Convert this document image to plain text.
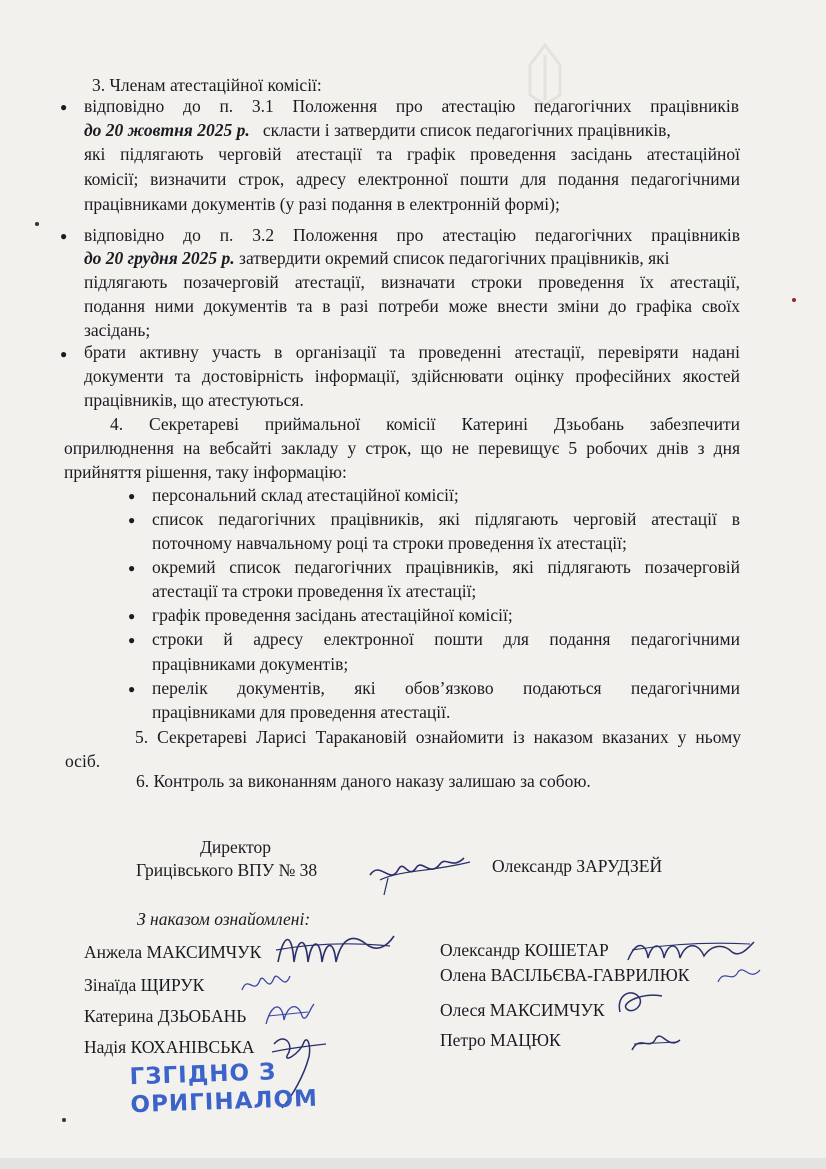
3. Членам атестаційної комісії:
● відповідно до п. 3.1 Положення про атестацію педагогічних працівників
до 20 жовтня 2025 р. скласти і затвердити список педагогічних працівників,
які підлягають черговій атестації та графік проведення засідань атестаційної
комісії; визначити строк, адресу електронної пошти для подання педагогічними
працівниками документів (у разі подання в електронній формі);
● відповідно до п. 3.2 Положення про атестацію педагогічних працівників
до 20 грудня 2025 р. затвердити окремий список педагогічних працівників, які
підлягають позачерговій атестації, визначати строки проведення їх атестації,
подання ними документів та в разі потреби може внести зміни до графіка своїх
засідань;
● брати активну участь в організації та проведенні атестації, перевіряти надані
документи та достовірність інформації, здійснювати оцінку професійних якостей
працівників, що атестуються.
4. Секретареві приймальної комісії Катерині Дзьобань забезпечити
оприлюднення на вебсайті закладу у строк, що не перевищує 5 робочих днів з дня
прийняття рішення, таку інформацію:
● персональний склад атестаційної комісії;
● список педагогічних працівників, які підлягають черговій атестації в
поточному навчальному році та строки проведення їх атестації;
● окремий список педагогічних працівників, які підлягають позачерговій
атестації та строки проведення їх атестації;
● графік проведення засідань атестаційної комісії;
● строки й адресу електронної пошти для подання педагогічними
працівниками документів;
● перелік документів, які обов’язково подаються педагогічними
працівниками для проведення атестації.
5. Секретареві Ларисі Таракановій ознайомити із наказом вказаних у ньому
осіб.
6. Контроль за виконанням даного наказу залишаю за собою.
Директор
Грицівського ВПУ № 38	Олександр ЗАРУДЗЕЙ
З наказом ознайомлені:
Анжела МАКСИМЧУК
Зінаїда ЩИРУК
Катерина ДЗЬОБАНЬ
Надія КОХАНІВСЬКА
Олександр КОШЕТАР
Олена ВАСІЛЬЄВА-ГАВРИЛЮК
Олеся МАКСИМЧУК
Петро МАЦЮК
ГЗГІДНО З
ОРИГІНАЛОМ
